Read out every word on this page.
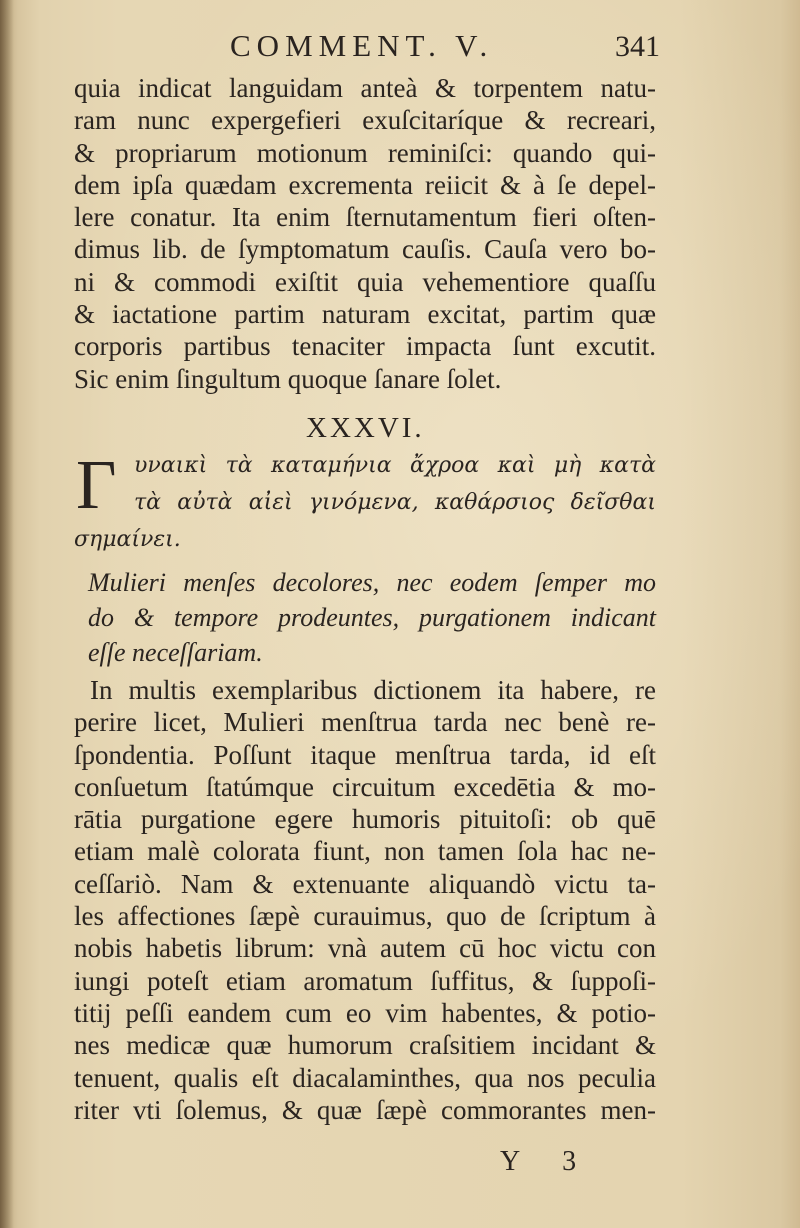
COMMENT. V.	341
quia indicat languidam anteà & torpentem natu-
ram nunc expergefieri exuſcitaríque & recreari,
& propriarum motionum reminiſci: quando qui-
dem ipſa quædam excrementa reiicit & à ſe depel-
lere conatur. Ita enim ſternutamentum fieri oſten-
dimus lib. de ſymptomatum cauſis. Cauſa vero bo-
ni & commodi exiſtit quia vehementiore quaſſu
& iactatione partim naturam excitat, partim quæ
corporis partibus tenaciter impacta ſunt excutit.
Sic enim ſingultum quoque ſanare ſolet.
XXXVI.
Γ υναικὶ τὰ καταμήνια ἄχροα καὶ μὴ κατὰ
τὰ αὐτὰ αἰεὶ γινόμενα, καθάρσιος δεῖσθαι
σημαίνει.
Mulieri menſes decolores, nec eodem ſemper mo
do & tempore prodeuntes, purgationem indicant
eſſe neceſſariam.
In multis exemplaribus dictionem ita habere, re
perire licet, Mulieri menſtrua tarda nec benè re-
ſpondentia. Poſſunt itaque menſtrua tarda, id eſt
conſuetum ſtatúmque circuitum excedētia & mo-
rātia purgatione egere humoris pituitoſi: ob quē
etiam malè colorata fiunt, non tamen ſola hac ne-
ceſſariò. Nam & extenuante aliquandò victu ta-
les affectiones ſæpè curauimus, quo de ſcriptum à
nobis habetis librum: vnà autem cū hoc victu con
iungi poteſt etiam aromatum ſuffitus, & ſuppoſi-
titij peſſi eandem cum eo vim habentes, & potio-
nes medicæ quæ humorum craſsitiem incidant &
tenuent, qualis eſt diacalaminthes, qua nos peculia
riter vti ſolemus, & quæ ſæpè commorantes men-
Y 3
